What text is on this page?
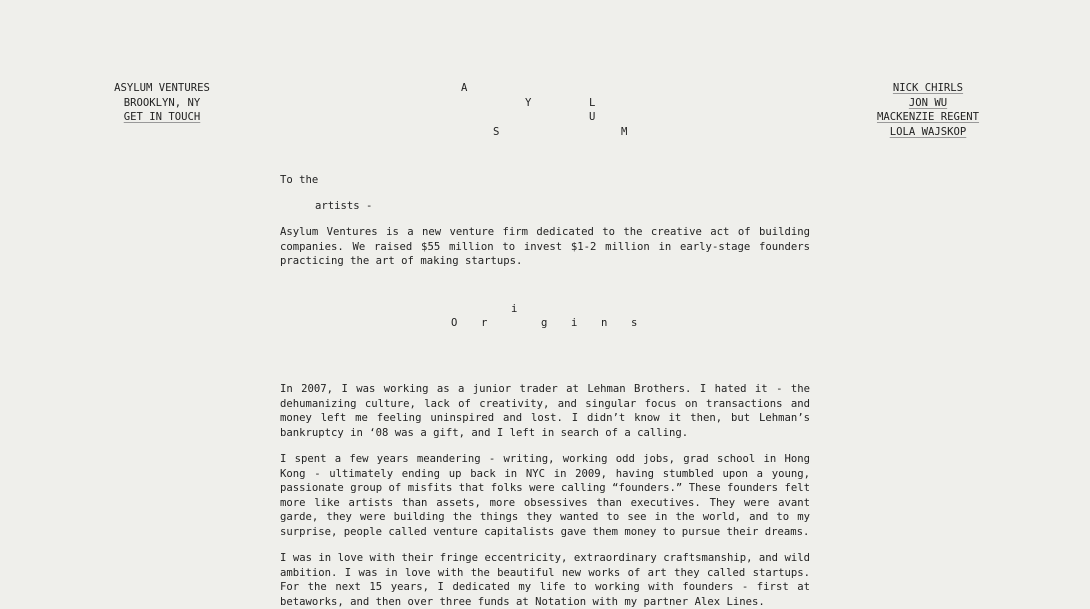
ASYLUM VENTURES
BROOKLYN, NY
GET IN TOUCH
A
Y	L
U
S	M
NICK CHIRLS
JON WU
MACKENZIE REGENT
LOLA WAJSKOP
To the
artists -

Asylum Ventures is a new venture firm dedicated to the creative act of building companies. We raised $55 million to invest $1-2 million in early-stage founders practicing the art of making startups.

O r
i
g i n s

In 2007, I was working as a junior trader at Lehman Brothers. I hated it - the dehumanizing culture, lack of creativity, and singular focus on transactions and money left me feeling uninspired and lost. I didn’t know it then, but Lehman’s bankruptcy in ‘08 was a gift, and I left in search of a calling.

I spent a few years meandering - writing, working odd jobs, grad school in Hong Kong - ultimately ending up back in NYC in 2009, having stumbled upon a young, passionate group of misfits that folks were calling “founders.” These founders felt more like artists than assets, more obsessives than executives. They were avant garde, they were building the things they wanted to see in the world, and to my surprise, people called venture capitalists gave them money to pursue their dreams.

I was in love with their fringe eccentricity, extraordinary craftsmanship, and wild ambition. I was in love with the beautiful new works of art they called startups. For the next 15 years, I dedicated my life to working with founders - first at betaworks, and then over three funds at Notation with my partner Alex Lines.
